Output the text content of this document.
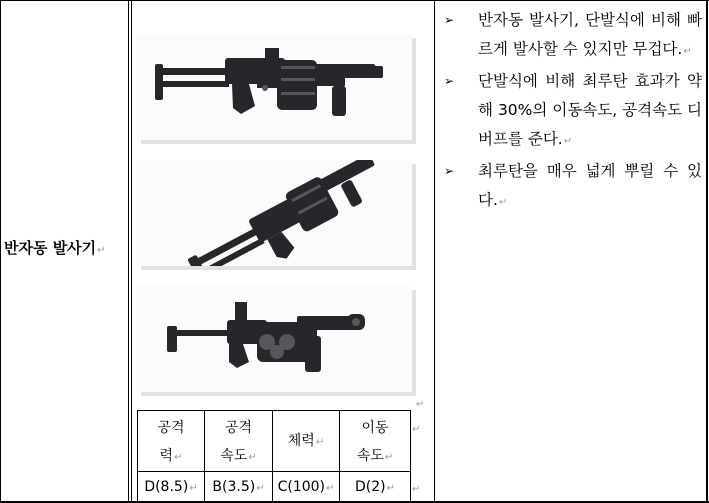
반자동 발사기↵
↵
공격
력↵
공격
속도↵
체력↵
이동
속도↵
D(8.5)↵	B(3.5)↵ C(100)↵	D(2)↵
↵
↵
➢ 반자동 발사기, 단발식에 비해 빠르게 발사할 수 있지만 무겁다.↵
➢ 단발식에 비해 최루탄 효과가 약해 30%의 이동속도, 공격속도 디버프를 준다.↵
➢ 최루탄을 매우 넓게 뿌릴 수 있다.↵
